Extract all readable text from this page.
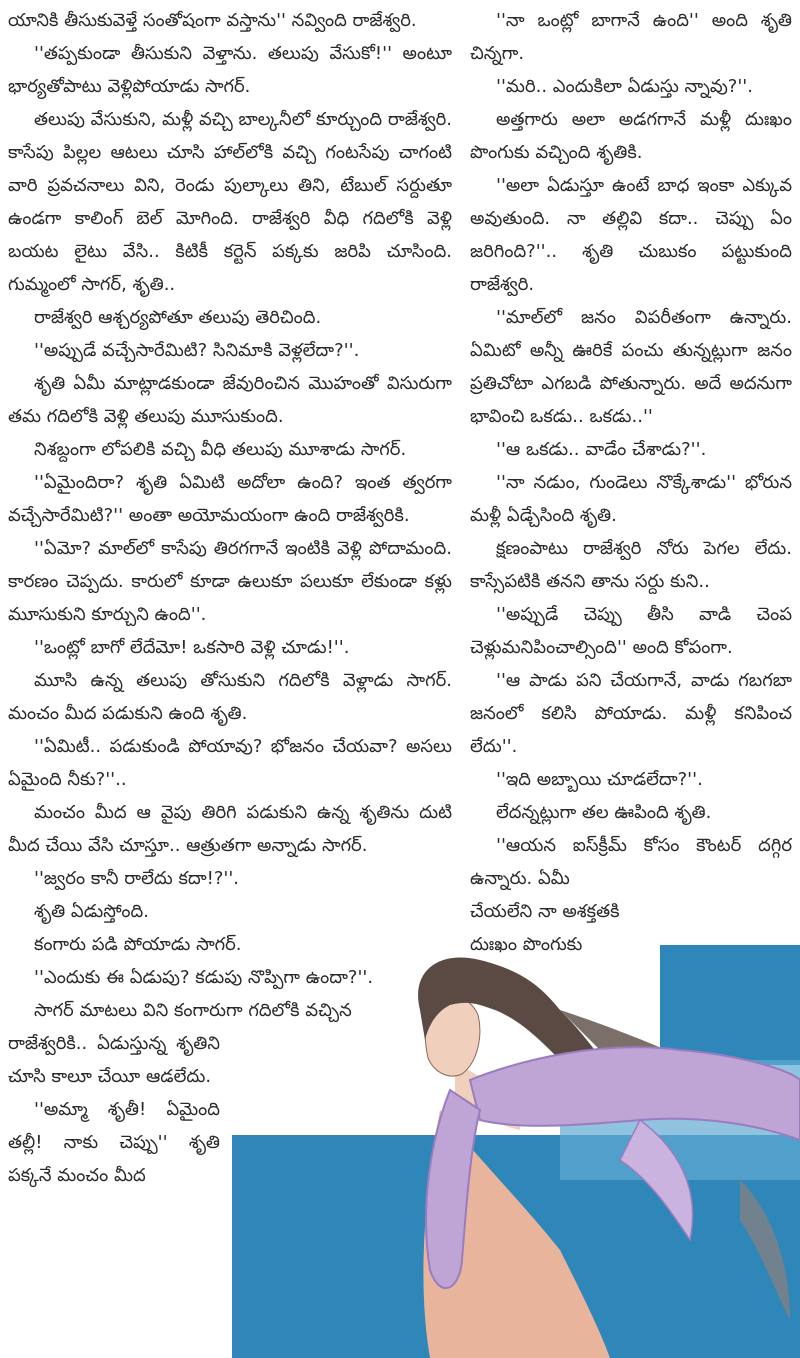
యానికి తీసుకువెళ్తే సంతోషంగా వస్తాను'' నవ్వింది రాజేశ్వరి.

''తప్పకుండా తీసుకుని వెళ్తాను. తలుపు వేసుకో!'' అంటూ భార్యతోపాటు వెళ్లిపోయాడు సాగర్.

తలుపు వేసుకుని, మళ్లీ వచ్చి బాల్కనీలో కూర్చుంది రాజేశ్వరి. కాసేపు పిల్లల ఆటలు చూసి హాల్‌లోకి వచ్చి గంటసేపు చాగంటి వారి ప్రవచనాలు విని, రెండు పుల్కాలు తిని, టేబుల్ సర్దుతూ ఉండగా కాలింగ్ బెల్ మోగింది. రాజేశ్వరి వీధి గదిలోకి వెళ్లి బయట లైటు వేసి.. కిటికీ కర్టెన్ పక్కకు జరిపి చూసింది. గుమ్మంలో సాగర్, శృతి..

రాజేశ్వరి ఆశ్చర్యపోతూ తలుపు తెరిచింది.

''అప్పుడే వచ్చేసారేమిటి? సినిమాకి వెళ్లలేదా?''.

శృతి ఏమీ మాట్లాడకుండా జేవురించిన మొహంతో విసురుగా తమ గదిలోకి వెళ్లి తలుపు మూసుకుంది.

నిశబ్దంగా లోపలికి వచ్చి వీధి తలుపు మూశాడు సాగర్.

''ఏమైందిరా? శృతి ఏమిటి అదోలా ఉంది? ఇంత త్వరగా వచ్చేసారేమిటి?'' అంతా అయోమయంగా ఉంది రాజేశ్వరికి.

''ఏమో? మాల్‌లో కాసేపు తిరగగానే ఇంటికి వెళ్లి పోదామంది. కారణం చెప్పదు. కారులో కూడా ఉలుకూ పలుకూ లేకుండా కళ్లు మూసుకుని కూర్చుని ఉంది''.

''ఒంట్లో బాగో లేదేమో! ఒకసారి వెళ్లి చూడు!''.

మూసి ఉన్న తలుపు తోసుకుని గదిలోకి వెళ్లాడు సాగర్. మంచం మీద పడుకుని ఉంది శృతి.

''ఏమిటీ.. పడుకుండి పోయావు? భోజనం చేయవా? అసలు ఏమైంది నీకు?''..

మంచం మీద ఆ వైపు తిరిగి పడుకుని ఉన్న శృతిను దుటి మీద చేయి వేసి చూస్తూ.. ఆత్రుతగా అన్నాడు సాగర్.

''జ్వరం కానీ రాలేదు కదా!?''.

శృతి ఏడుస్తోంది.

కంగారు పడి పోయాడు సాగర్.

''ఎందుకు ఈ ఏడుపు? కడుపు నొప్పిగా ఉందా?''.

సాగర్ మాటలు విని కంగారుగా గదిలోకి వచ్చిన

రాజేశ్వరికి.. ఏడుస్తున్న శృతిని చూసి కాలూ చేయీ ఆడలేదు.

''అమ్మా శృతీ! ఏమైంది తల్లీ! నాకు చెప్పు'' శృతి పక్కనే మంచం మీద

''నా ఒంట్లో బాగానే ఉంది'' అంది శృతి చిన్నగా.

''మరి.. ఎందుకిలా ఏడుస్తు న్నావు?''.

అత్తగారు అలా అడగగానే మళ్లీ దుఃఖం పొంగుకు వచ్చింది శృతికి.

''అలా ఏడుస్తూ ఉంటే బాధ ఇంకా ఎక్కువ అవుతుంది. నా తల్లివి కదా.. చెప్పు ఏం జరిగింది?''.. శృతి చుబుకం పట్టుకుంది రాజేశ్వరి.

''మాల్‌లో జనం విపరీతంగా ఉన్నారు. ఏమిటో అన్నీ ఊరికే పంచు తున్నట్లుగా జనం ప్రతిచోటా ఎగబడి పోతున్నారు. అదే అదనుగా భావించి ఒకడు.. ఒకడు..''

''ఆ ఒకడు.. వాడేం చేశాడు?''.

''నా నడుం, గుండెలు నొక్కేశాడు'' భోరున మళ్లీ ఏడ్చేసింది శృతి.

క్షణంపాటు రాజేశ్వరి నోరు పెగల లేదు. కాస్సేపటికి తనని తాను సర్దు కుని..

''అప్పుడే చెప్పు తీసి వాడి చెంప చెళ్లుమనిపించాల్సింది'' అంది కోపంగా.

''ఆ పాడు పని చేయగానే, వాడు గబగబా జనంలో కలిసి పోయాడు. మళ్లీ కనిపించ లేదు''.

''ఇది అబ్బాయి చూడలేదా?''.

లేదన్నట్లుగా తల ఊపింది శృతి.

''ఆయన ఐస్‌క్రీమ్ కోసం కౌంటర్ దగ్గిర ఉన్నారు. ఏమీ

చేయలేని నా అశక్తతకి

దుఃఖం పొంగుకు
